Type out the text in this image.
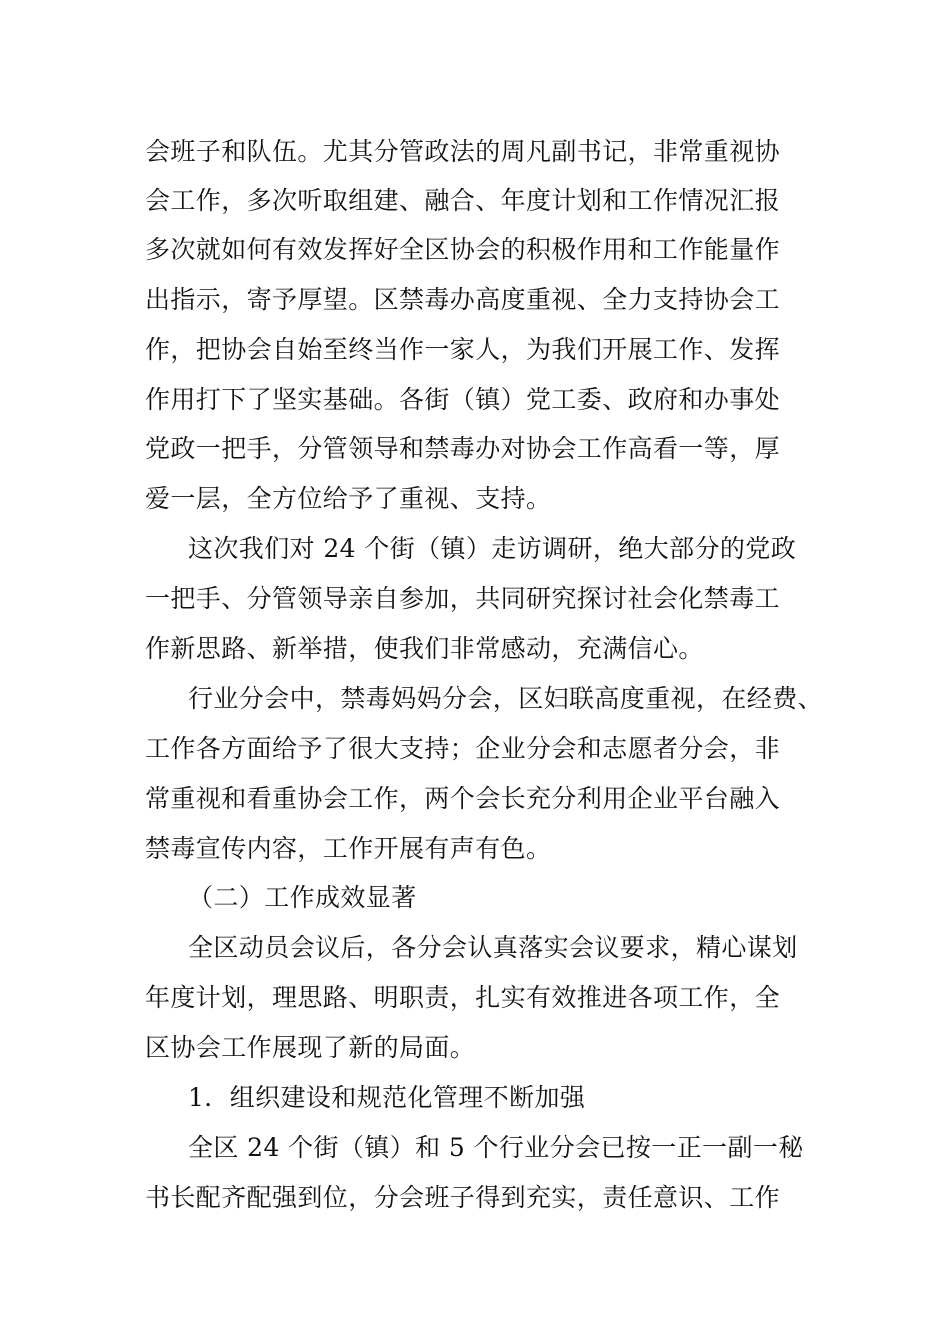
会班子和队伍。尤其分管政法的周凡副书记，非常重视协
会工作，多次听取组建、融合、年度计划和工作情况汇报
多次就如何有效发挥好全区协会的积极作用和工作能量作
出指示，寄予厚望。区禁毒办高度重视、全力支持协会工
作，把协会自始至终当作一家人，为我们开展工作、发挥
作用打下了坚实基础。各街（镇）党工委、政府和办事处
党政一把手，分管领导和禁毒办对协会工作高看一等，厚
爱一层，全方位给予了重视、支持。
这次我们对 24 个街（镇）走访调研，绝大部分的党政
一把手、分管领导亲自参加，共同研究探讨社会化禁毒工
作新思路、新举措，使我们非常感动，充满信心。
行业分会中，禁毒妈妈分会，区妇联高度重视，在经费、
工作各方面给予了很大支持；企业分会和志愿者分会，非
常重视和看重协会工作，两个会长充分利用企业平台融入
禁毒宣传内容，工作开展有声有色。
（二）工作成效显著
全区动员会议后，各分会认真落实会议要求，精心谋划
年度计划，理思路、明职责，扎实有效推进各项工作，全
区协会工作展现了新的局面。
1．组织建设和规范化管理不断加强
全区 24 个街（镇）和 5 个行业分会已按一正一副一秘
书长配齐配强到位，分会班子得到充实，责任意识、工作
